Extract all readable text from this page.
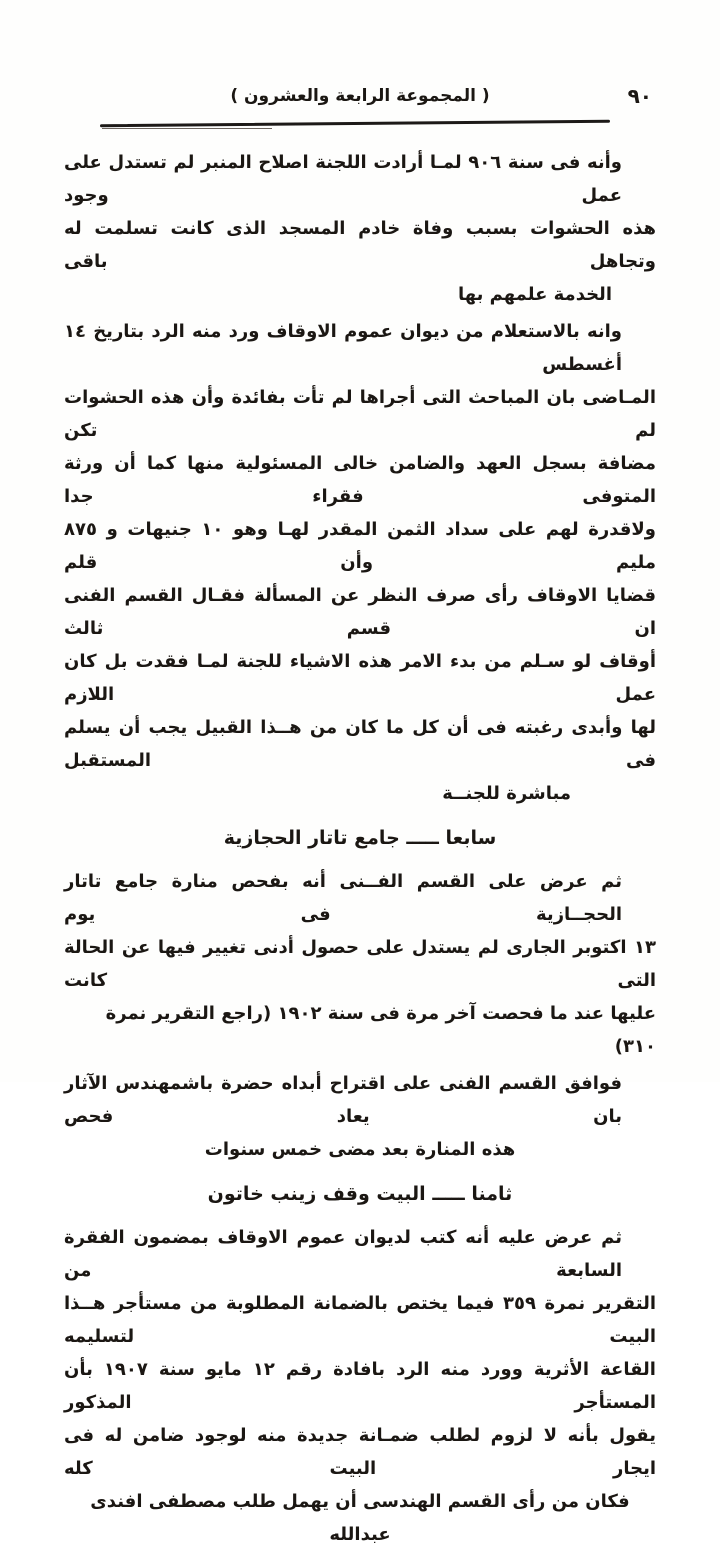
٩٠
( المجموعة الرابعة والعشرون )
وأنه فى سنة ٩٠٦ لمـا أرادت اللجنة اصلاح المنبر لم تستدل على عمل وجود
هذه الحشوات بسبب وفاة خادم المسجد الذى كانت تسلمت له وتجاهل باقى
الخدمة علمهم بها
وانه بالاستعلام من ديوان عموم الاوقاف ورد منه الرد بتاريخ ١٤ أغسطس
المـاضى بان المباحث التى أجراها لم تأت بفائدة وأن هذه الحشوات لم تكن
مضافة بسجل العهد والضامن خالى المسئولية منها كما أن ورثة المتوفى فقراء جدا
ولاقدرة لهم على سداد الثمن المقدر لهـا وهو ١٠ جنيهات و ٨٧٥ مليم وأن قلم
قضايا الاوقاف رأى صرف النظر عن المسألة فقـال القسم الفنى ان قسم ثالث
أوقاف لو سـلم من بدء الامر هذه الاشياء للجنة لمـا فقدت بل كان عمل اللازم
لها وأبدى رغبته فى أن كل ما كان من هــذا القبيل يجب أن يسلم فى المستقبل
مباشرة للجنــة
سابعا ـــــ جامع تاتار الحجازية
ثم عرض على القسم الفــنى أنه بفحص منارة جامع تاتار الحجــازية فى يوم
١٣ اكتوبر الجارى لم يستدل على حصول أدنى تغيير فيها عن الحالة التى كانت
عليها عند ما فحصت آخر مرة فى سنة ١٩٠٢ (راجع التقرير نمرة ٣١٠)
فوافق القسم الفنى على اقتراح أبداه حضرة باشمهندس الآثار بان يعاد فحص
هذه المنارة بعد مضى خمس سنوات
ثامنا ـــــ البيت وقف زينب خاتون
ثم عرض عليه أنه كتب لديوان عموم الاوقاف بمضمون الفقرة السابعة من
التقرير نمرة ٣٥٩ فيما يختص بالضمانة المطلوبة من مستأجر هــذا البيت لتسليمه
القاعة الأثرية وورد منه الرد بافادة رقم ١٢ مايو سنة ١٩٠٧ بأن المستأجر المذكور
يقول بأنه لا لزوم لطلب ضمـانة جديدة منه لوجود ضامن له فى ايجار البيت كله
فكان من رأى القسم الهندسى أن يهمل طلب مصطفى افندى عبدالله
